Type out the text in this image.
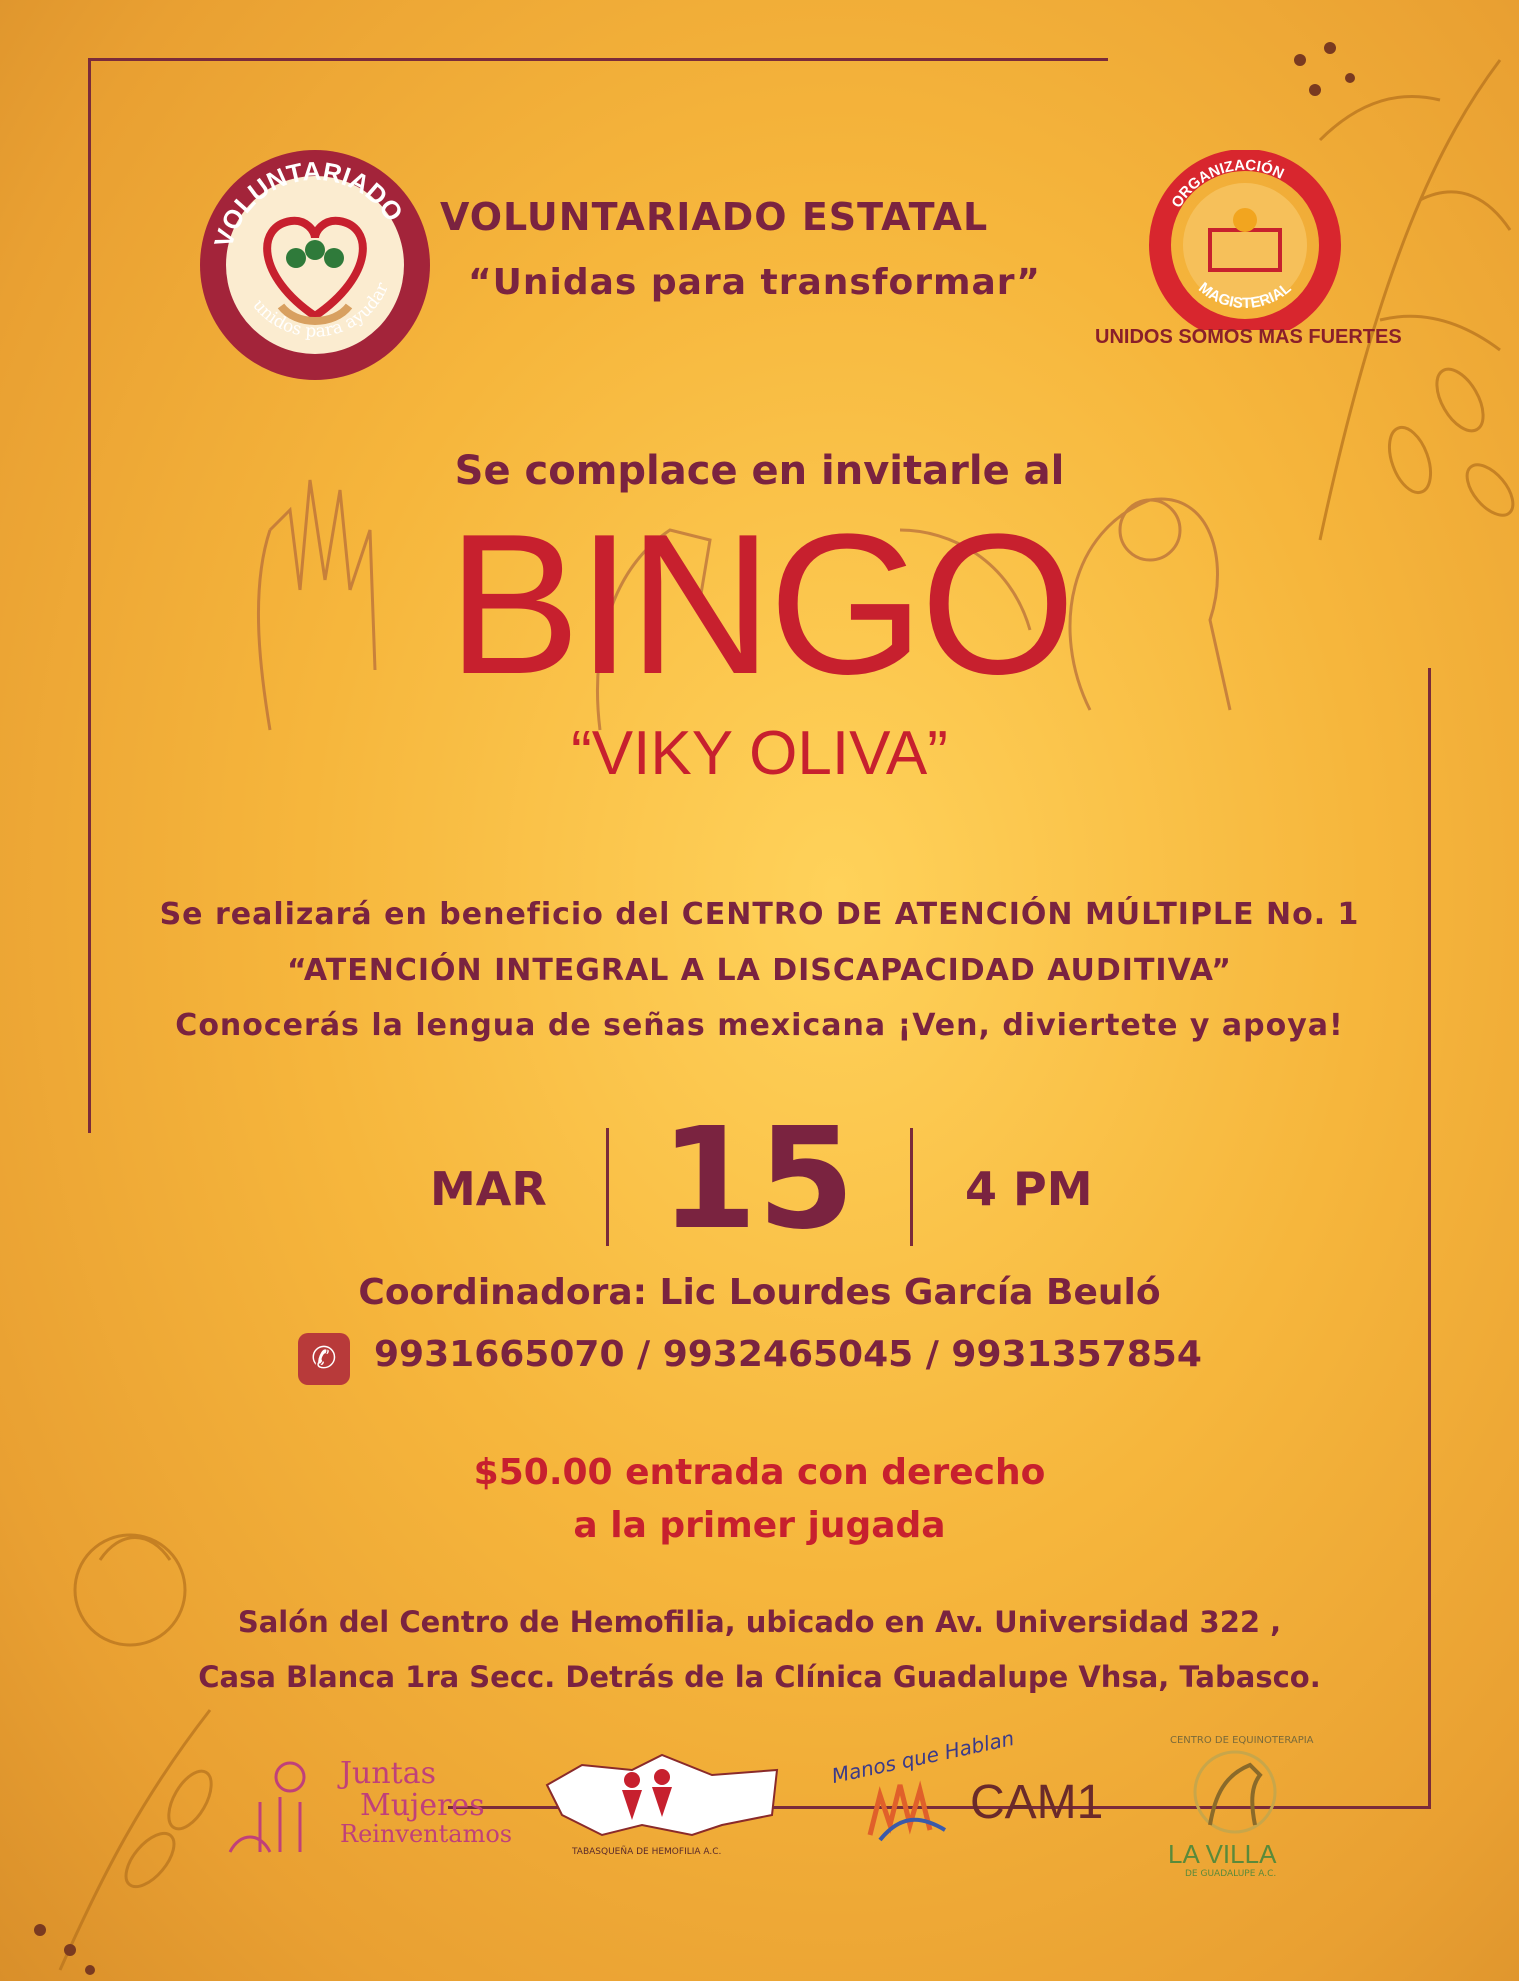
VOLUNTARIADO
unidos para ayudar
VOLUNTARIADO ESTATAL
“Unidas para transformar”
ORGANIZACIÓN
MAGISTERIAL
UNIDOS SOMOS MAS FUERTES
Se complace en invitarle al
BINGO
“VIKY OLIVA”
Se realizará en beneficio del CENTRO DE ATENCIÓN MÚLTIPLE No. 1
“ATENCIÓN INTEGRAL A LA DISCAPACIDAD AUDITIVA”
Conocerás la lengua de señas mexicana ¡Ven, diviertete y apoya!
MAR 15 4 PM
Coordinadora: Lic Lourdes García Beuló
✆	9931665070 / 9932465045 / 9931357854
$50.00 entrada con derecho
a la primer jugada
Salón del Centro de Hemofilia, ubicado en Av. Universidad 322 ,
Casa Blanca 1ra Secc. Detrás de la Clínica Guadalupe Vhsa, Tabasco.
Juntas
Mujeres
Reinventamos
TABASQUEÑA DE HEMOFILIA A.C.
Manos que Hablan
CAM1
CENTRO DE EQUINOTERAPIA
LA VILLA
DE GUADALUPE A.C.
